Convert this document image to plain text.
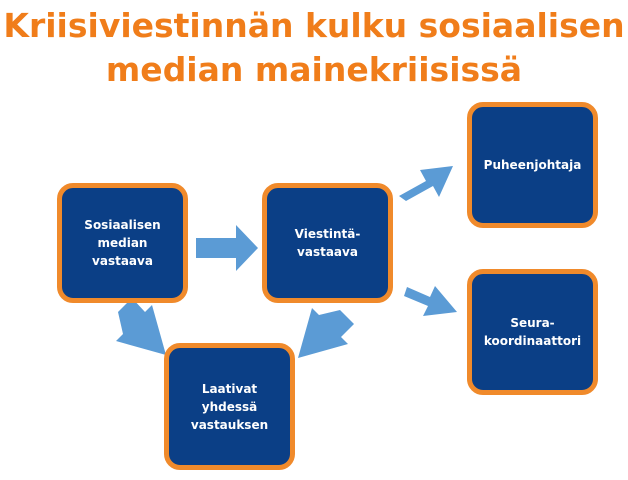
Kriisiviestinnän kulku sosiaalisen
median mainekriisissä
Sosiaalisen
median
vastaava
Viestintä-
vastaava
Puheenjohtaja
Seura-
koordinaattori
Laativat
yhdessä
vastauksen
